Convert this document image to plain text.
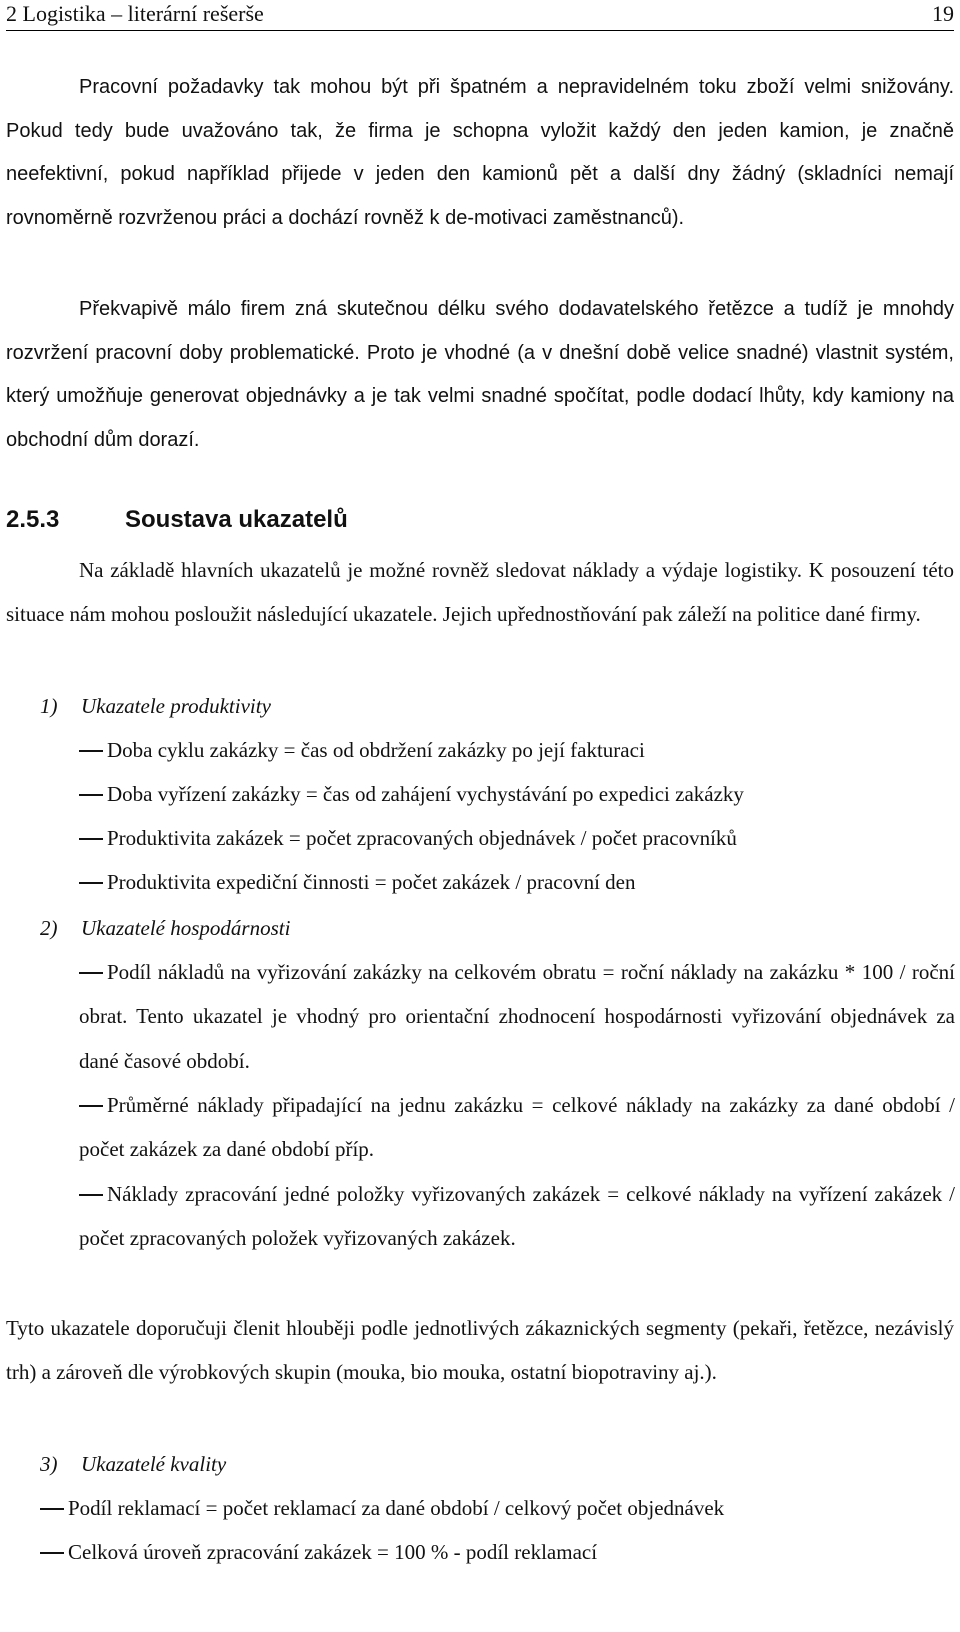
2 Logistika – literární rešerše	19

Pracovní požadavky tak mohou být při špatném a nepravidelném toku zboží velmi snižovány. Pokud tedy bude uvažováno tak, že firma je schopna vyložit každý den jeden kamion, je značně neefektivní, pokud například přijede v jeden den kamionů pět a další dny žádný (skladníci nemají rovnoměrně rozvrženou práci a dochází rovněž k de-motivaci zaměstnanců).

Překvapivě málo firem zná skutečnou délku svého dodavatelského řetězce a tudíž je mnohdy rozvržení pracovní doby problematické. Proto je vhodné (a v dnešní době velice snadné) vlastnit systém, který umožňuje generovat objednávky a je tak velmi snadné spočítat, podle dodací lhůty, kdy kamiony na obchodní dům dorazí.

2.5.3	Soustava ukazatelů

Na základě hlavních ukazatelů je možné rovněž sledovat náklady a výdaje logistiky. K posouzení této situace nám mohou posloužit následující ukazatele. Jejich upřednostňování pak záleží na politice dané firmy.

1) Ukazatele produktivity

Doba cyklu zakázky = čas od obdržení zakázky po její fakturaci

Doba vyřízení zakázky = čas od zahájení vychystávání po expedici zakázky

Produktivita zakázek = počet zpracovaných objednávek / počet pracovníků

Produktivita expediční činnosti = počet zakázek / pracovní den

2) Ukazatelé hospodárnosti

Podíl nákladů na vyřizování zakázky na celkovém obratu = roční náklady na zakázku * 100 / roční obrat. Tento ukazatel je vhodný pro orientační zhodnocení hospodárnosti vyřizování objednávek za dané časové období.

Průměrné náklady připadající na jednu zakázku = celkové náklady na zakázky za dané období / počet zakázek za dané období příp.

Náklady zpracování jedné položky vyřizovaných zakázek = celkové náklady na vyřízení zakázek / počet zpracovaných položek vyřizovaných zakázek.

Tyto ukazatele doporučuji členit hlouběji podle jednotlivých zákaznických segmenty (pekaři, řetězce, nezávislý trh) a zároveň dle výrobkových skupin (mouka, bio mouka, ostatní biopotraviny aj.).

3) Ukazatelé kvality

Podíl reklamací = počet reklamací za dané období / celkový počet objednávek

Celková úroveň zpracování zakázek = 100 % - podíl reklamací
